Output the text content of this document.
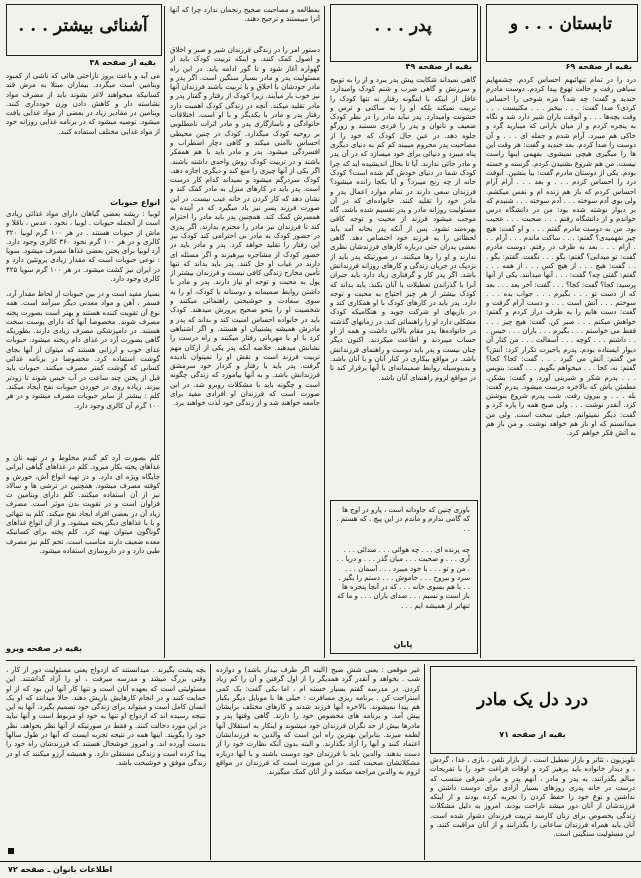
تابستان . . . و
بقیه از صفحه ۶۹

درد را در تمام تنهائیهم احساس کردم. چشمهایم سیاهی رفت و حالت تهوع پیدا کردم. دوست مادرم خندید و گفت: چه شد؟ مزه شوخی را احساس کردی؟ صدا گفت: . . . بیخبر . . . مکثیست . . . وقت بچه‌ها . . . و آنوقت باران شیر دارد شد و نگاه به پنجره کردم و از میان بارانی که میبارید گرد و خاکی هم میبرد. آرام شدم و جمله ای . . . و آن دوست را صدا کردم. بعد خندید و گفت: هر وقت این ها را میگیری هیچی نمیشوی. بفهمی اینها راست نیست. من هم شروع بشنیدن کردم. گرسنه و خسته بودم. یکی از دوستان مادرم گفت: بیا بنشین. آنوقت درد را احساس کردم . . . و بعد . . . آرام آرام احساس کردم که باز هم زنده ام و نفس میکشم. ولی بوی آدم سوخته . . . آدم سوخته . . . شنیدم که بر دیوار نوشته شده بود: من در دانشگاه درس خواندم و از دانشگاه رفتم . . . صحبت . . . عجیب بود. من به دوست مادرم گفتم . . . و او گفت: هیچ چیز نفهمیدی؟ گفتم: . . . ساکت ماندم . . . آرام . . . آرام . . . بعد به طرف در رفتم. دوست مادرم گفت: تو میدانی؟ گفتم: بگو . . . نگفت. گفتم: بگو . . . گفت: هیچ . . . از هیچ کس . . . از همه . . . گفتم: گفتی چه؟ گفت: . . . آنها میدانند. یکی از آنها پرسید: کجا؟ گفت: کجا؟ . . . گفت: آخر بعد . . . بعد که از دست تو . . . بگیرم . . . جواب بده . . . سوختم . . . آتش است . . . و دست آرام گرفت و گفت: دست هایم را به طرف دراز کردم و گفتم: خواهش میکنم . . . صبر کن. گفت: هیچ چیز . . . فقط می خواستم . . . بگیرم . . . باران . . . خیس . . . داشتم . . . کوچه . . . آسفالت . . . من کنار آن دیوار ایستاده بودم. پدرم باحیرت تکرار کرد: آتش؟ من گفتم: آتش می گیرد . . . گفت: کجا؟ کجا؟ گفتم: نه، کجا . . . میخواهم بگویم . . . گفت: بنویس . . . پدرم شکر و شیرینی آورد. و گفت: بشکن. مطمئن باش که بالاخره درست میشود. پدرم گفت: بله . . . و بیرون رفت. شب پدرم شروع بنوشتن کرد. آنقدر نوشت . . . ولی صبح همه را پاره کرد و گفت: دیگر نمیتوانم. خیلی سخت است. ولی من میدانستم که او باز هم خواهد نوشت. و من باز هم به آتش فکر خواهم کرد.

پدر . . .
بقیه از صفحه ۴۹

گاهی نمیداند شکایت پیش پدر ببرد و از را به توبیخ و سرزنش و گاهی ضرب و شتم کودک وامیدارد. غافل از اینکه با اینگونه رفتار نه تنها کودک را تربیت نمیکند بلکه او را به ساکتی و ترس و خشونت وامیدارد. پدر نباید مادر را در نظر کودک ضعیف و ناتوان و پدر را فردی مستبد و زورگو جلوه دهد. در عین حال کودک که خود را از مصاحبت پدر محروم میبیند کم کم به دنیای دیگری پناه میبرد و دنیائی برای خود میسازد که در آن پدر و مادر جائی ندارند. آیا تا بحال اندیشیده اید که چرا کودک شما در دنیای خودش گم شده است؟ کودک خانه از چه رنج میبرد؟ و آیا بکجا رانده میشود؟ فرزندان سعی دارند در تمام موارد اعمال پدر و مادر خود را تقلید کنند. خانواده‌ای که در آن مسئولیت روزانه مادر و پدر تقسیم شده باشد، گاه موجب میشود فرزند از محبت و توجه کافی بهره‌مند نشود. پس از آنکه پدر بخانه آمد باید لحظاتی را به فرزند خود اختصاص دهد. گاهی بعضی پدران حتی درباره کارهای فرزندشان نظری ندارند و او را رها میکنند. در صورتیکه پدر باید از نزدیک در جریان زندگی و کارهای روزانه فرزندانش باشد. اگر پدر کار و گرفتاری زیاد دارد باید جبران آنرا با گذراندن تعطیلات با آنان بکند. باید بداند که کودک بیشتر از هر چیز احتیاج به محبت و توجه دارد. پدر باید در کارهای کودک با او همکاری کند و در بازیهای او شرکت جوید و هنگامیکه کودک مشکلی دارد او را راهنمائی کند. در زمانهای گذشته در خانواده‌ها پدر مقام بالائی داشت و همه از او حساب میبردند و اطاعت میکردند. اکنون دیگر چنان نیست و پدر باید دوست و راهنمای فرزندانش باشد. در مواقع بیکاری در کنار آنان و با آنان باشد. و بدینوسیله روابط صمیمانه‌ای با آنها برقرار کند تا در مواقع لزوم راهنمای آنان باشد.

باوری چنین که جاودانه است ، پارو در اوج ها که گامی ندارم و ماندم در این پیچ ، که هستم . . .

چه پرنده ای . . . چه هوائی . . . صدائی . . . آری . . . و صحبت . . . میان گذر . . . و دریا . . . من و تو . . . با خود میبرد . . . آسمان . . . سرد و بیروح . . . خاموش . . . دستم را بگیر . . . با هم بسوی خانه . . . که در آنجا پنجره ها باز است و نسیم . . . صدای باران . . . و ما که تنهاتر از همیشه ایم . . .

پایان

بمطالعه و مصاحبت صحیح رنجمان ندارد چرا که آنها آنرا میبستند و ترجیح دهند.

دستور امر را در زندگی فرزندان شیر و صبر و اخلاق و اصول کمک کنند. و اینکه تربیت کودک باید از گهواره آغاز شود و تا گور ادامه یابد. در این راه مسئولیت پدر و مادر بسیار سنگین است. اگر پدر و مادر خودشان با اخلاق و با تربیت باشند فرزندان آنها نیز خوب بار میآیند. زیرا کودک از رفتار و گفتار پدر و مادر تقلید میکند. آنچه در زندگی کودک اهمیت دارد رفتار پدر و مادر با یکدیگر و با او است. اختلافات خانوادگی و ناسازگاری پدر و مادر اثرات نامطلوبی بر روحیه کودک میگذارد. کودک در چنین محیطی احساس ناامنی میکند و گاهی دچار اضطراب و افسردگی میشود. پدر و مادر باید با هم همفکر باشند و در تربیت کودک روش واحدی داشته باشند. اگر یکی از آنها چیزی را منع کند و دیگری اجازه دهد، کودک سردرگم میشود و نمیداند کدام کار درست است. پدر باید در کارهای منزل به مادر کمک کند و نشان دهد که کار کردن در خانه عیب نیست. در این صورت فرزند پسر نیز یاد میگیرد که در آینده به همسرش کمک کند. همچنین پدر باید مادر را احترام کند تا فرزندان نیز مادر را محترم بدارند. اگر پدری در حضور کودک به مادر بی احترامی کند کودک نیز این رفتار را تقلید خواهد کرد. پدر و مادر باید در حضور کودک از مشاجره بپرهیزند و اگر مسئله ای دارند در غیاب او حل کنند. پدر باید بداند که تنها تأمین مخارج زندگی کافی نیست و فرزندان بیشتر از پول به محبت و توجه او نیاز دارند. پدر و مادر با داشتن روابط صمیمانه و دوستانه با کودک، او را به سوی سعادت و خوشبختی راهنمائی میکنند و شخصیت او را بنحو صحیح پرورش میدهند. کودک باید در خانواده احساس امنیت کند و بداند که پدر و مادرش همیشه پشتیبان او هستند. و اگر اشتباهی کرد با او با مهربانی رفتار میکنند و راه درست را نشانش میدهند. خلاصه آنکه پدر یکی از ارکان مهم تربیت فرزند است و نقش او را نمیتوان نادیده گرفت. پدر باید با رفتار و کردار خود سرمشق فرزندانش باشد. و به آنها بیاموزد که زندگی چگونه است و چگونه باید با مشکلات روبرو شد. در این صورت است که فرزندان او افرادی مفید برای جامعه خواهند شد و از زندگی خود لذت خواهند برد.

آشنائی بیشتر . . .
بقیه از صفحه ۳۸

می آید و باعث بروز ناراحتی هائی که ناشی از کمبود ویتامین است میگردد. بیماران مبتلا به مرض قند کسانیکه میخواهند لاغر بشوند باید از مصرف مواد نشاسته دار و کاهش دادن وزن خودداری کنند. ویتامین در مقادیر زیاد در بعضی از مواد غذایی یافت میشود. توصیه میشود که در برنامه غذایی روزانه خود از مواد غذایی مختلف استفاده کنند.

انواع حبوبات

لوبیا : ریشه بعضی گیاهان دارای مواد غذائی زیادی است از آنجمله حبوبات . لوبیا ، نخود ، عدس ، باقلا و ماش از حبوبات هستند . در هر ۱۰۰ گرم لوبیا ۳۲۰ کالری و در هر ۱۰۰ گرم نخود ۳۶۰ کالری وجود دارد. آرد لوبیا برای پختن بعضی غذاها مصرف میشود. سویا : نوعی حبوبات است که مقدار زیادی پروتئین دارد و در ایران نیز کشت میشود. در هر ۱۰۰ گرم سویا ۴۲۵ کالری وجود دارد.

بسیار مفید است و در بین حبوبات از لحاظ مقدار آرد، فسفر ، آهن و مواد معدنی دیگر سرآمد است. همه نوع آن تقویت کننده هستند و بهتر است بصورت پخته مصرف شوند. مخصوصا آنها که دارای پوست سخت هستند. در دامپزشکی مصرف زیادی دارند. بطوریکه گاهی بصورت آرد در غذای دام ریخته میشود. حبوبات غذای خوب و ارزانی هستند که میتوان از آنها بجای گوشت استفاده کرد. مخصوصا در برنامه غذائی کسانی که گوشت کمتر مصرف میکنند. حبوبات باید قبل از پختن چند ساعت در آب خیس شوند تا زودتر بپزند. زیاده روی در خوردن حبوبات نفخ ایجاد میکند. کلم : بیشتر از سایر حبوبات مصرف میشود و در هر ۱۰۰ گرم آن کالری وجود دارد.

کلم بصورت آرد کم گندم مخلوط و در تهیه نان و غذاهای پخته بکار میرود. کلم در غذاهای گیاهی ایرانی جایگاه ویژه ای دارد. و در تهیه انواع آش، خورش و کوفته مصرف میشود. همچنین در ترشی ها و سالاد نیز از آن استفاده میکنند. کلم دارای ویتامین ث فراوان است و در تقویت بدن موثر است. مصرف زیاد آن در بعضی افراد ایجاد نفخ میکند. کلم به تنهائی و یا با غذاهای دیگر پخته میشود. و از آن انواع غذاهای گوناگون میتوان تهیه کرد. کلم پخته برای کسانیکه معده ضعیف دارند مناسب است. تخم کلم نیز مصرف طبی دارد و در داروسازی استفاده میشود.

بقیه در صفحه ویرو
درد دل یک مادر
بقیه از صفحه ۷۱

تلویزیون ، تئاتر و بازار تعطیل است . از بازار تلفن ، بازی ، غذا ، گردش ، و دیدار خانواده باید پرهیز کرد و اوقات فراغت خود را با تفریحات سالم بگذرانند. به پدر و مادر ، آنهم پدر و مادر شرقی منتسب که درست در خانه پدری روزهای بسیار آزادی برای دوست داشتن و نداشتن و نوع خود را حفظ کردن را تجربه کرده بودند و از اینکه فرزندشان از آنان دور میشد ناراحت بودند. امروز به دلیل مشکلات زندگی بخصوص برای زنان کارمند تربیت فرزندان دشوار شده است. آنان باید همراه فرزندان ساعاتی را بگذرانند و از آنان مراقبت کنند. و این مسئولیت سنگینی است.

غیر موقعی : یعنی شش صبح (البته اگر طرف بیدار باشد) و دوازده شب . بخواهد و آنقدر گرد همدیگر را از اول گرفتن و آن را کم زیاد کردن. در مدرسه گفتم بسیار خسته ام ، اما یکی گفت: یک کمی استراحت کن . برنامه ریزی مسافرت : خیلی ها با موبایل دیگر یکبار هم پیدا نمیشوند. بالاخره آنها فرزند شدند و کارهای مختلف برایشان پیش آمد. و برنامه های مخصوص خود را دارند. گاهی وقتها پدر و مادرها بیش از حد نگران فرزندان خود میشوند و اینکار به استقلال آنها لطمه میزند. بنابراین بهترین راه این است که والدین به فرزندانشان اعتماد کنند و آنها را آزاد بگذارند. و البته بدون آنکه نظارت خود را از دست بدهند. والدین باید با فرزندان خود دوست باشند و با آنها درباره مشکلاتشان صحبت کنند. در این صورت است که فرزندان در مواقع لزوم به والدین مراجعه میکنند و از آنان کمک میگیرند.

بچه پشت بگیرند . میدانستند که ازدواج یعنی مسئولیت دور از کار ، وقتی بزرگ میشد و مدرسه میرفت ، او را آزاد گذاشتند. این مسئولیتی است که بعهده آنان است و تنها کار آنها این بود که از او حمایت کنند و در انجام کارهایش یاریش دهند. حالا میدانند که او یک انسان کامل است و میتواند برای زندگی خود تصمیم بگیرد. آنها به این نتیجه رسیده اند که ازدواج او تنها به خود او مربوط است و آنها نباید در این مورد دخالت کنند. و فقط در صورتیکه از آنها نظر بخواهد، نظر خود را بگویند. اینها همه در نتیجه تجربه ایست که آنها در طول سالها بدست آورده اند. و امروز خوشحال هستند که فرزندشان راه خود را پیدا کرده است و زندگی مستقلی دارد. و همیشه آرزو میکنند که او در زندگی موفق و خوشبخت باشد.

اطلاعات بانوان ـ صفحه ۷۲
